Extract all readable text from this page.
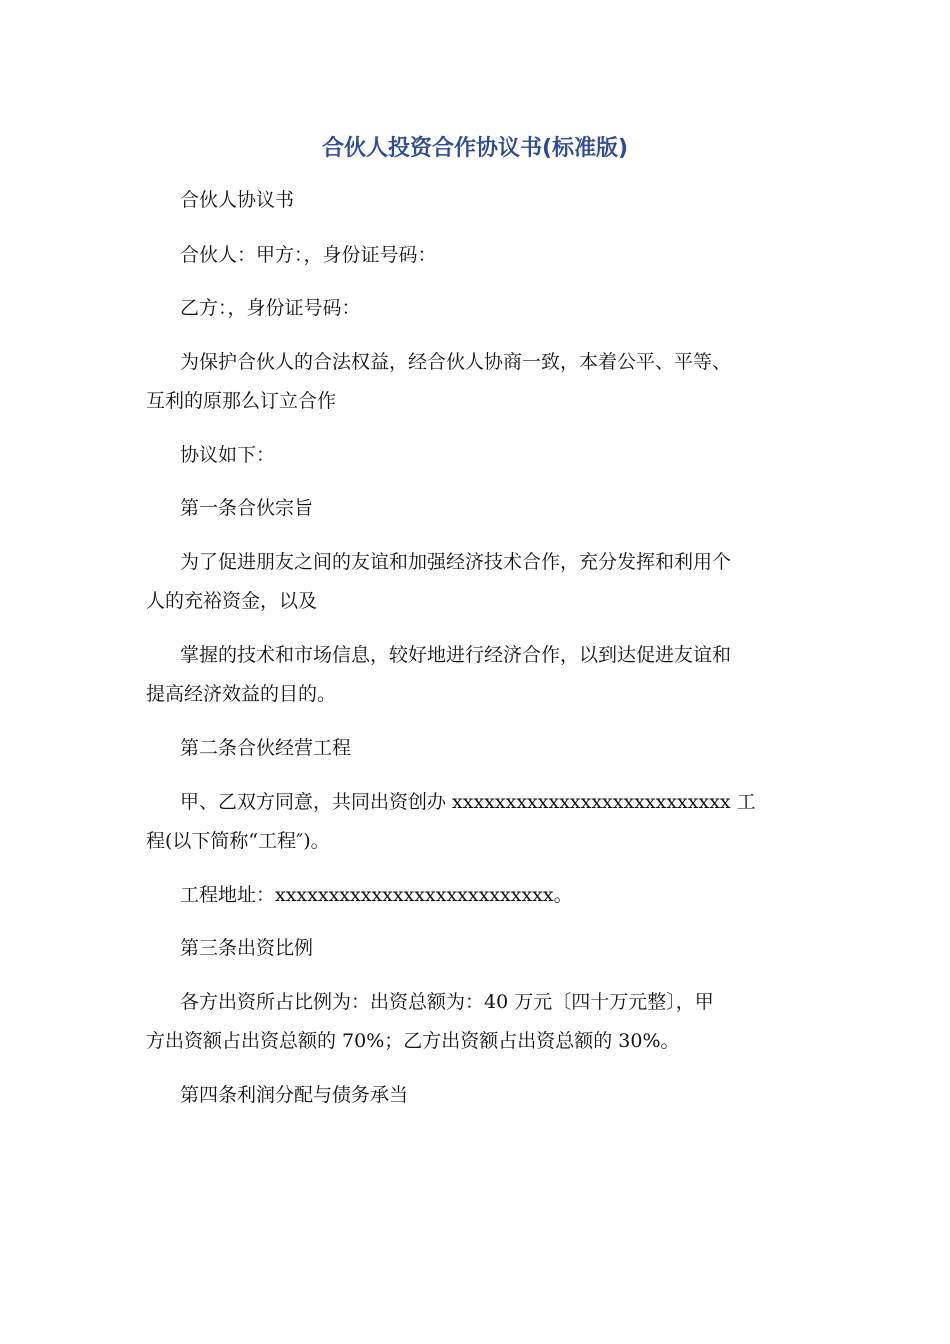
合伙人投资合作协议书(标准版)

合伙人协议书

合伙人：甲方：，身份证号码：

乙方：，身份证号码：

为保护合伙人的合法权益，经合伙人协商一致，本着公平、平等、

互利的原那么订立合作

协议如下：

第一条合伙宗旨

为了促进朋友之间的友谊和加强经济技术合作，充分发挥和利用个

人的充裕资金，以及

掌握的技术和市场信息，较好地进行经济合作，以到达促进友谊和

提高经济效益的目的。

第二条合伙经营工程

甲、乙双方同意，共同出资创办 xxxxxxxxxxxxxxxxxxxxxxxxxx 工

程(以下简称“工程″)。

工程地址：xxxxxxxxxxxxxxxxxxxxxxxxxx。

第三条出资比例

各方出资所占比例为：出资总额为：40 万元〔四十万元整〕，甲

方出资额占出资总额的 70%；乙方出资额占出资总额的 30%。

第四条利润分配与债务承当
